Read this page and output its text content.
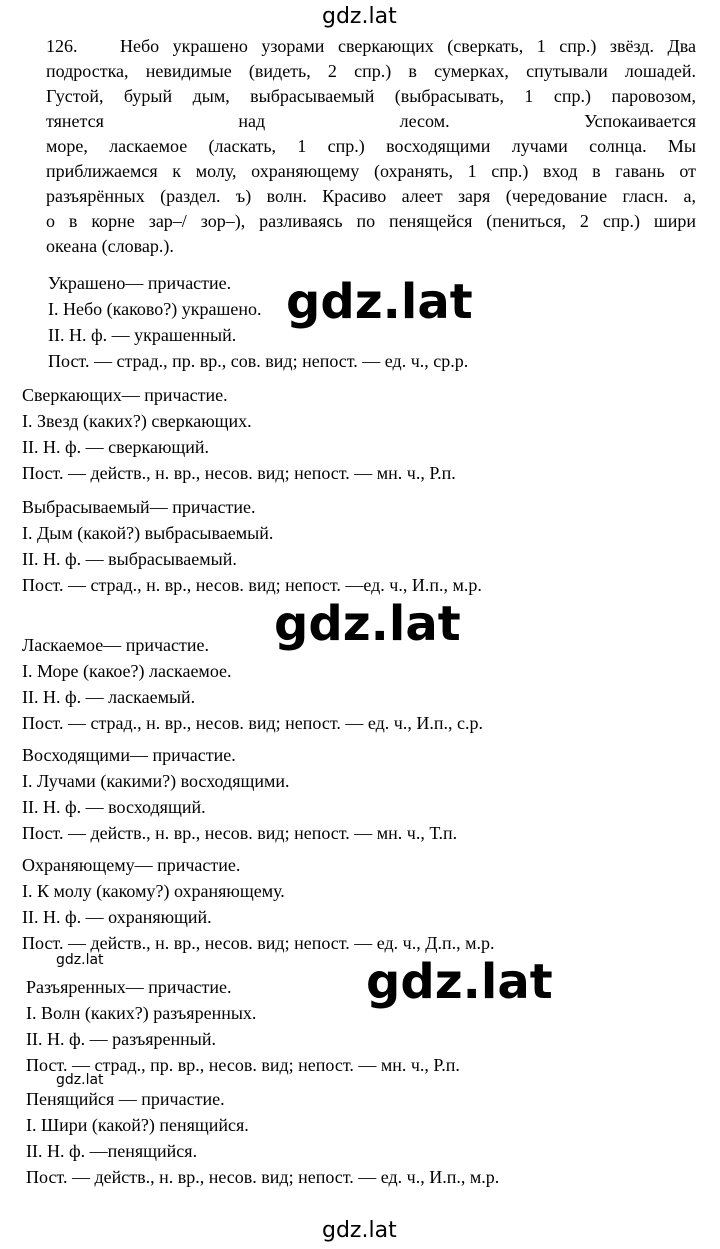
gdz.lat
gdz.lat
gdz.lat
gdz.lat
gdz.lat
gdz.lat
gdz.lat
126. Небо украшено узорами сверкающих (сверкать, 1 спр.) звёзд. Два
подростка, невидимые (видеть, 2 спр.) в сумерках, спутывали лошадей.
Густой, бурый дым, выбрасываемый (выбрасывать, 1 спр.) паровозом,
тянется	над	лесом.	Успокаивается
море, ласкаемое (ласкать, 1 спр.) восходящими лучами солнца. Мы
приближаемся к молу, охраняющему (охранять, 1 спр.) вход в гавань от
разъярённых (раздел. ъ) волн. Красиво алеет заря (чередование гласн. а,
о в корне зар–/ зор–), разливаясь по пенящейся (пениться, 2 спр.) шири
океана (словар.).
Украшено— причастие.
I. Небо (каково?) украшено.
II. Н. ф. — украшенный.
Пост. — страд., пр. вр., сов. вид; непост. — ед. ч., ср.р.
Сверкающих— причастие.
I. Звезд (каких?) сверкающих.
II. Н. ф. — сверкающий.
Пост. — действ., н. вр., несов. вид; непост. — мн. ч., Р.п.
Выбрасываемый— причастие.
I. Дым (какой?) выбрасываемый.
II. Н. ф. — выбрасываемый.
Пост. — страд., н. вр., несов. вид; непост. —ед. ч., И.п., м.р.
Ласкаемое— причастие.
I. Море (какое?) ласкаемое.
II. Н. ф. — ласкаемый.
Пост. — страд., н. вр., несов. вид; непост. — ед. ч., И.п., с.р.
Восходящими— причастие.
I. Лучами (какими?) восходящими.
II. Н. ф. — восходящий.
Пост. — действ., н. вр., несов. вид; непост. — мн. ч., Т.п.
Охраняющему— причастие.
I. К молу (какому?) охраняющему.
II. Н. ф. — охраняющий.
Пост. — действ., н. вр., несов. вид; непост. — ед. ч., Д.п., м.р.
Разъяренных— причастие.
I. Волн (каких?) разъяренных.
II. Н. ф. — разъяренный.
Пост. — страд., пр. вр., несов. вид; непост. — мн. ч., Р.п.
Пенящийся — причастие.
I. Шири (какой?) пенящийся.
II. Н. ф. —пенящийся.
Пост. — действ., н. вр., несов. вид; непост. — ед. ч., И.п., м.р.
